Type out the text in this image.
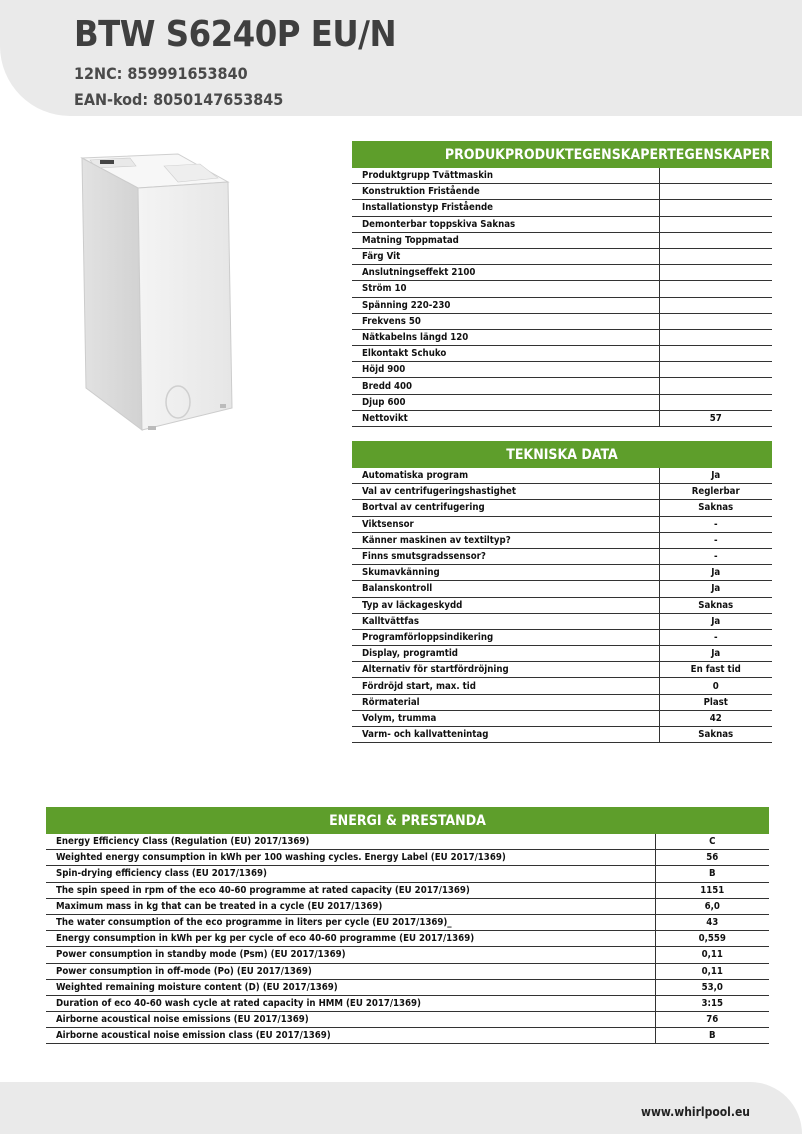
BTW S6240P EU/N
12NC: 859991653840
EAN-kod: 8050147653845
PRODUKPRODUKTEGENSKAPERTEGENSKAPER
Produktgrupp Tvättmaskin	
Konstruktion Fristående	
Installationstyp Fristående	
Demonterbar toppskiva Saknas	
Matning Toppmatad	
Färg Vit	
Anslutningseffekt 2100	
Ström 10	
Spänning 220-230	
Frekvens 50	
Nätkabelns längd 120	
Elkontakt Schuko	
Höjd 900	
Bredd 400	
Djup 600	
Nettovikt	57
TEKNISKA DATA
Automatiska program	Ja
Val av centrifugeringshastighet	Reglerbar
Bortval av centrifugering	Saknas
Viktsensor	-
Känner maskinen av textiltyp?	-
Finns smutsgradssensor?	-
Skumavkänning	Ja
Balanskontroll	Ja
Typ av läckageskydd	Saknas
Kalltvättfas	Ja
Programförloppsindikering	-
Display, programtid	Ja
Alternativ för startfördröjning	En fast tid
Fördröjd start, max. tid	0
Rörmaterial	Plast
Volym, trumma	42
Varm- och kallvattenintag	Saknas
ENERGI & PRESTANDA
Energy Efficiency Class (Regulation (EU) 2017/1369)	C
Weighted energy consumption in kWh per 100 washing cycles. Energy Label (EU 2017/1369)	56
Spin-drying efficiency class (EU 2017/1369)	B
The spin speed in rpm of the eco 40-60 programme at rated capacity (EU 2017/1369)	1151
Maximum mass in kg that can be treated in a cycle (EU 2017/1369)	6,0
The water consumption of the eco programme in liters per cycle (EU 2017/1369)_	43
Energy consumption in kWh per kg per cycle of eco 40-60 programme (EU 2017/1369)	0,559
Power consumption in standby mode (Psm) (EU 2017/1369)	0,11
Power consumption in off-mode (Po) (EU 2017/1369)	0,11
Weighted remaining moisture content (D) (EU 2017/1369)	53,0
Duration of eco 40-60 wash cycle at rated capacity in HMM (EU 2017/1369)	3:15
Airborne acoustical noise emissions (EU 2017/1369)	76
Airborne acoustical noise emission class (EU 2017/1369)	B
www.whirlpool.eu
